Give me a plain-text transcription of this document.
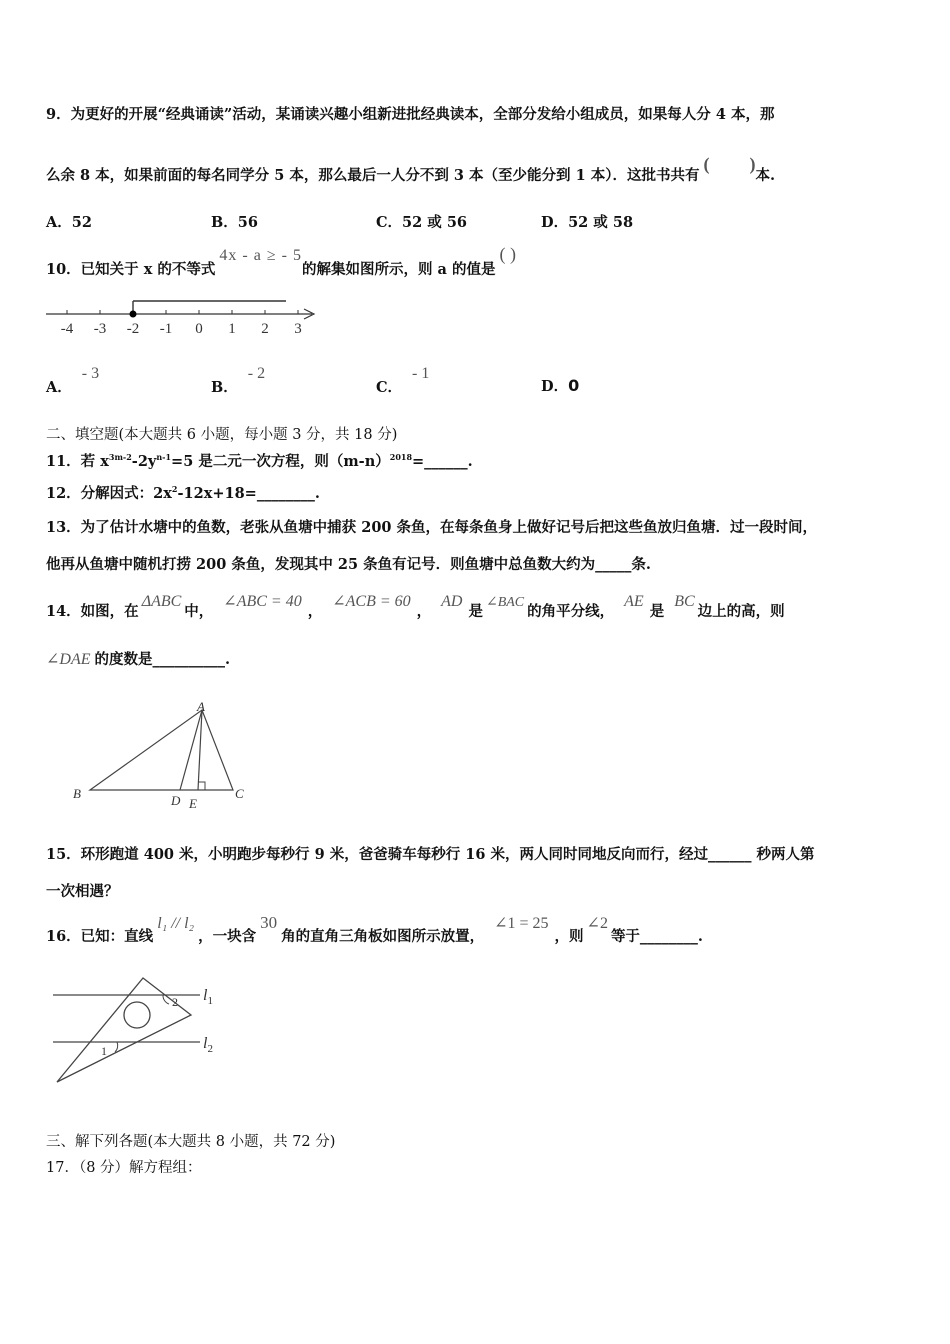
9．为更好的开展“经典诵读”活动，某诵读兴趣小组新进批经典读本，全部分发给小组成员，如果每人分 4 本，那
么余 8 本，如果前面的每名同学分 5 本，那么最后一人分不到 3 本（至少能分到 1 本）．这批书共有( )本.
A．52	B．56	C．52 或 56	D．52 或 58
10．已知关于 x 的不等式4x - a ≥ - 5的解集如图所示，则 a 的值是( )
-4 -3 -2 -1 0 1 2 3
A．- 3
B．- 2
C．- 1
D．0
二、填空题(本大题共 6 小题，每小题 3 分，共 18 分)
11．若 $x^{3m-2}-2y^{n-1}=5$ 是二元一次方程，则$(m-n)^{2018}=\_\_\_\_\_\_$.
12．分解因式：$2x^2-12x+18=\_\_\_\_\_\_\_\_$.
13．为了估计水塘中的鱼数，老张从鱼塘中捕获 200 条鱼，在每条鱼身上做好记号后把这些鱼放归鱼塘．过一段时间，
他再从鱼塘中随机打捞 200 条鱼，发现其中 25 条鱼有记号．则鱼塘中总鱼数大约为_____条.
14．如图，在ΔABC中，∠ABC = 40，∠ACB = 60，AD是∠BAC的角平分线，AE是BC边上的高，则
∠DAE 的度数是__________.
A
B	C
D E
15．环形跑道 400 米，小明跑步每秒行 9 米，爸爸骑车每秒行 16 米，两人同时同地反向而行，经过______ 秒两人第
一次相遇？
16．已知：直线l₁ // l₂，一块含30角的直角三角板如图所示放置，∠1 = 25，则∠2等于________.
2
1
$l_1$
$l_2$
三、解下列各题(本大题共 8 小题，共 72 分)
17．（8 分）解方程组：
